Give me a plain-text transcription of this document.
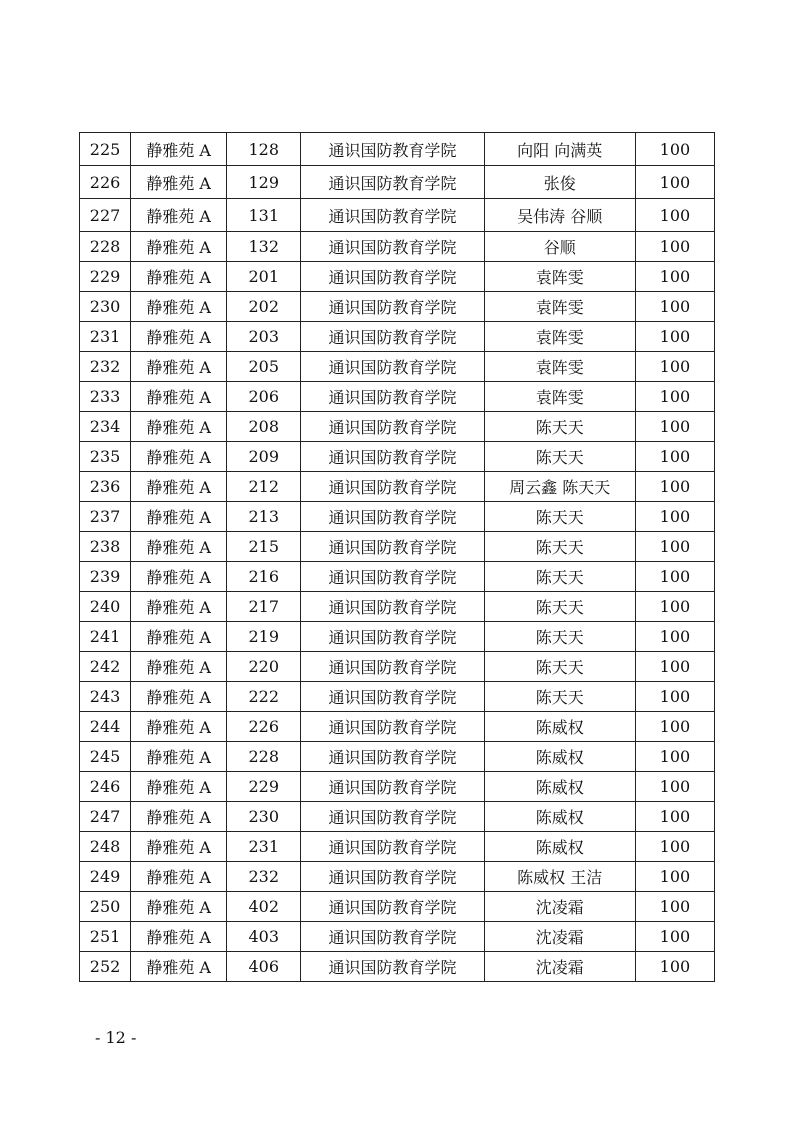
225	静雅苑 A	128	通识国防教育学院	向阳 向满英	100
226	静雅苑 A	129	通识国防教育学院	张俊	100
227	静雅苑 A	131	通识国防教育学院	吴伟涛 谷顺	100
228	静雅苑 A	132	通识国防教育学院	谷顺	100
229	静雅苑 A	201	通识国防教育学院	袁阵雯	100
230	静雅苑 A	202	通识国防教育学院	袁阵雯	100
231	静雅苑 A	203	通识国防教育学院	袁阵雯	100
232	静雅苑 A	205	通识国防教育学院	袁阵雯	100
233	静雅苑 A	206	通识国防教育学院	袁阵雯	100
234	静雅苑 A	208	通识国防教育学院	陈天天	100
235	静雅苑 A	209	通识国防教育学院	陈天天	100
236	静雅苑 A	212	通识国防教育学院	周云鑫 陈天天	100
237	静雅苑 A	213	通识国防教育学院	陈天天	100
238	静雅苑 A	215	通识国防教育学院	陈天天	100
239	静雅苑 A	216	通识国防教育学院	陈天天	100
240	静雅苑 A	217	通识国防教育学院	陈天天	100
241	静雅苑 A	219	通识国防教育学院	陈天天	100
242	静雅苑 A	220	通识国防教育学院	陈天天	100
243	静雅苑 A	222	通识国防教育学院	陈天天	100
244	静雅苑 A	226	通识国防教育学院	陈威权	100
245	静雅苑 A	228	通识国防教育学院	陈威权	100
246	静雅苑 A	229	通识国防教育学院	陈威权	100
247	静雅苑 A	230	通识国防教育学院	陈威权	100
248	静雅苑 A	231	通识国防教育学院	陈威权	100
249	静雅苑 A	232	通识国防教育学院	陈威权 王洁	100
250	静雅苑 A	402	通识国防教育学院	沈凌霜	100
251	静雅苑 A	403	通识国防教育学院	沈凌霜	100
252	静雅苑 A	406	通识国防教育学院	沈凌霜	100
- 12 -
